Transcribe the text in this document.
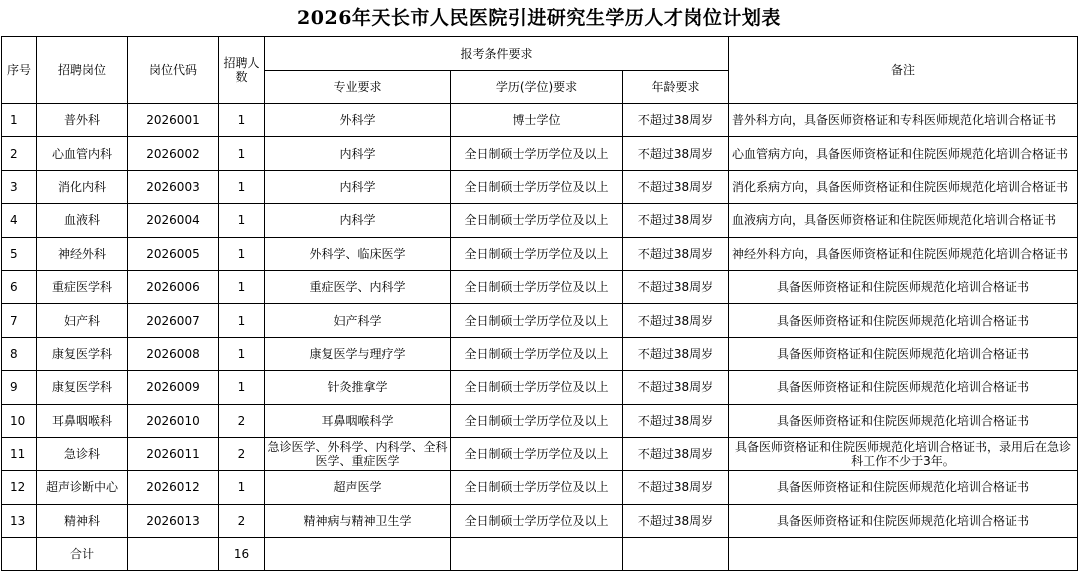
2026年天长市人民医院引进研究生学历人才岗位计划表
序号	招聘岗位	岗位代码	招聘人数	报考条件要求			备注
				专业要求	学历(学位)要求	年龄要求	
1	普外科	2026001	1	外科学	博士学位	不超过38周岁	普外科方向，具备医师资格证和专科医师规范化培训合格证书
2	心血管内科	2026002	1	内科学	全日制硕士学历学位及以上	不超过38周岁	心血管病方向，具备医师资格证和住院医师规范化培训合格证书
3	消化内科	2026003	1	内科学	全日制硕士学历学位及以上	不超过38周岁	消化系病方向，具备医师资格证和住院医师规范化培训合格证书
4	血液科	2026004	1	内科学	全日制硕士学历学位及以上	不超过38周岁	血液病方向，具备医师资格证和住院医师规范化培训合格证书
5	神经外科	2026005	1	外科学、临床医学	全日制硕士学历学位及以上	不超过38周岁	神经外科方向，具备医师资格证和住院医师规范化培训合格证书
6	重症医学科	2026006	1	重症医学、内科学	全日制硕士学历学位及以上	不超过38周岁	具备医师资格证和住院医师规范化培训合格证书
7	妇产科	2026007	1	妇产科学	全日制硕士学历学位及以上	不超过38周岁	具备医师资格证和住院医师规范化培训合格证书
8	康复医学科	2026008	1	康复医学与理疗学	全日制硕士学历学位及以上	不超过38周岁	具备医师资格证和住院医师规范化培训合格证书
9	康复医学科	2026009	1	针灸推拿学	全日制硕士学历学位及以上	不超过38周岁	具备医师资格证和住院医师规范化培训合格证书
10	耳鼻咽喉科	2026010	2	耳鼻咽喉科学	全日制硕士学历学位及以上	不超过38周岁	具备医师资格证和住院医师规范化培训合格证书
11	急诊科	2026011	2	急诊医学、外科学、内科学、全科医学、重症医学	全日制硕士学历学位及以上	不超过38周岁	具备医师资格证和住院医师规范化培训合格证书，录用后在急诊科工作不少于3年。
12	超声诊断中心	2026012	1	超声医学	全日制硕士学历学位及以上	不超过38周岁	具备医师资格证和住院医师规范化培训合格证书
13	精神科	2026013	2	精神病与精神卫生学	全日制硕士学历学位及以上	不超过38周岁	具备医师资格证和住院医师规范化培训合格证书
	合计		16				
